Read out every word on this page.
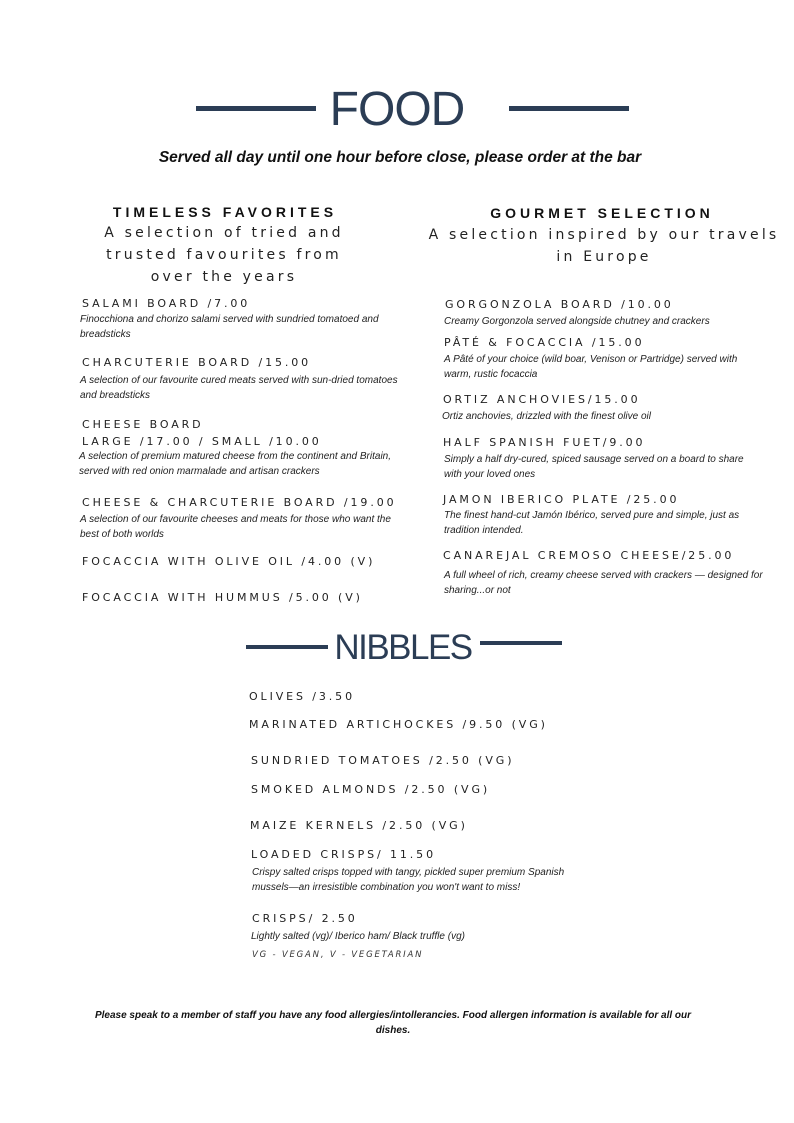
FOOD
Served all day until one hour before close, please order at the bar
TIMELESS FAVORITES
A selection of tried and trusted favourites from over the years
SALAMI BOARD /7.00
Finocchiona and chorizo salami served with sundried tomatoed and breadsticks
CHARCUTERIE BOARD /15.00
A selection of our favourite cured meats served with sun-dried tomatoes and breadsticks
CHEESE BOARD
LARGE /17.00 / SMALL /10.00
A selection of premium matured cheese from the continent and Britain, served with red onion marmalade and artisan crackers
CHEESE & CHARCUTERIE BOARD /19.00
A selection of our favourite cheeses and meats for those who want the best of both worlds
FOCACCIA WITH OLIVE OIL /4.00 (V)
FOCACCIA WITH HUMMUS /5.00 (V)
GOURMET SELECTION
A selection inspired by our travels in Europe
GORGONZOLA BOARD /10.00
Creamy Gorgonzola served alongside chutney and crackers
PÂTÉ & FOCACCIA /15.00
A Pâté of your choice (wild boar, Venison or Partridge) served with warm, rustic focaccia
ORTIZ ANCHOVIES/15.00
Ortiz anchovies, drizzled with the finest olive oil
HALF SPANISH FUET/9.00
Simply a half dry-cured, spiced sausage served on a board to share with your loved ones
JAMON IBERICO PLATE /25.00
The finest hand-cut Jamón Ibérico, served pure and simple, just as tradition intended.
CANAREJAL CREMOSO CHEESE/25.00
A full wheel of rich, creamy cheese served with crackers — designed for sharing...or not
NIBBLES
OLIVES /3.50
MARINATED ARTICHOCKES /9.50 (VG)
SUNDRIED TOMATOES /2.50 (VG)
SMOKED ALMONDS /2.50 (VG)
MAIZE KERNELS /2.50 (VG)
LOADED CRISPS/ 11.50
Crispy salted crisps topped with tangy, pickled super premium Spanish mussels—an irresistible combination you won't want to miss!
CRISPS/ 2.50
Lightly salted (vg)/ Iberico ham/ Black truffle (vg)
VG - VEGAN, V - VEGETARIAN
Please speak to a member of staff you have any food allergies/intollerancies. Food allergen information is available for all our dishes.
